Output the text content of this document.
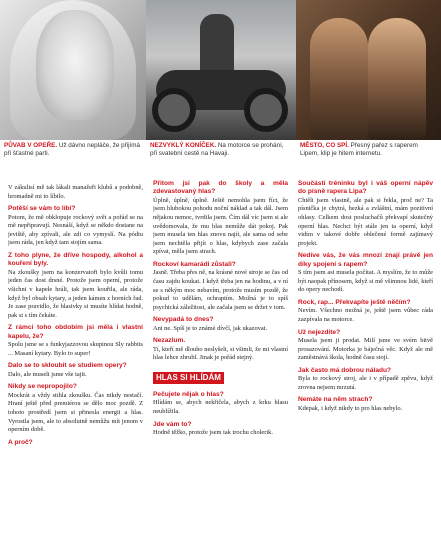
PŮVAB V OPEŘE. Už dávno nepláče, že přijímá při šťastné parti.
NEZVYKLÝ KONÍČEK. Na motorce se prohání, při svatební cestě na Havaji.
MĚSTO, CO SPÍ. Přesný pařez s raperem Lipem, klip je hitem internetu.

V zákulisí mě tak lákali manažeři klubů a podobně, hromadně mi to líbilo.

Potěší se vám to líbí?

Potom, že mě obklopuje rockový svět a pořád se na mě nepřipravují. Nesnáší, když se někdo dostane na jeviště, aby zpívali, ale zdi co vymyslí. Na pódiu jsem ráda, jen když tam stojím sama.

Z toho plyne, že dříve hospody, alkohol a kouření byly.

Na zkoušky jsem na konzervatoři bylo kvůli tomu jeden čas dost drsné. Protože jsem operní, protože všichni v kapele hráli, tak jsem kouřila, ale ráda, když byl obsah kytary, a jeden kámen z horních řad. Je zase pravidlo, že hlasivky si musíte hlídat hodně, pak si s tím čekáte.

Z rámci toho obdobím jsi měla i vlastní kapelu, že?

Spolu jsme se s funkyjazzovou skupinou Sly rabbits ... Masaní kytary. Bylo to super!

Dalo se to skloubit se studiem opery?

Dalo, ale museli jsme vše tajit.

Nikdy se nepropojilo?

Mockrát a vždy stihla zkoušku. Čas nikdy nestačí. Hraní ještě před premiérou se dělo moc pozdě. Z tohoto prostředí jsem si přinesla energii a hlas. Vyrostla jsem, ale to absolutně nemůžu mít jenom v operním době.

A proč?
Přitom jsi pak do školy a měla zdevastovaný hlas?

Úplně, úplně, úplně. Ještě nemohla jsem říct, že jsem hlubokou pohodu noční náklad a tak dál. Jsem nějakou nemoc, tvrdila jsem. Čím dál víc jsem si ale uvědomovala, že mu hlas nemůže dát pokoj. Pak jsem musela ten hlas znovu najít, ale sama od sebe jsem nechtěla přijít o hlas, kdybych zase začala zpívat, měla jsem strach.

Rockoví kamarádi zůstali?

Jasně. Třeba přes ně, na krásné nové stroje se čas od času zajdu koukat. I když třeba jen na hodinu, a v ní se s někým moc nebavím, protože musím pozdě, že pokud to udělám, ochraptím. Možná je to spíš psychická záležitost, ale začala jsem se držet v tom.

Nevypadá to dnes?

Ani ne. Spíš je to známé dívčí, jak ukazovat.

Nezazlum.

Tí, kteří mě dlouho neslyšeli, si všimli, že mi vlastní hlas lehce zhrubl. Jinak je pořád stejný.

HLAS SI HLÍDÁM
Pečujete nějak o hlas?

Hlídám se, abych nekřičela, abych z krku hlasu neublížila.

Jde vám to?

Hodně těžko, protože jsem tak trochu cholerik.

Součástí tréninku byl i váš operní nápěv do písně rapera Lipa?

Chtěli jsem vlastně, ale pak si řekla, proč ne? Ta písnička je chytrá, hezká a zvláštní, mám pozitivní ohlasy. Celkem dost posluchačů překvapí skutečný operní hlas. Nechci být stále jen ta operní, když vidím v takové dobře oblečené formě zajímavý projekt.

Nedíve vás, že vás mnozí znají právě jen díky spojení s rapem?

S tím jsem asi musela počítat. A myslím, že to může být naopak přínosem, když si mě všimnou lidé, kteří do opery nechodí.

Rock, rap... Překvapíte ještě něčím?

Nevím. Všechno možná je, ještě jsem vůbec ráda zazpívala na motorce.

Už nejezdíte?

Musela jsem ji prodat. Milí jsme ve svém bitvě prosazování. Motorka je báječná věc. Když ale mě zaměstnává škola, hodně času stojí.

Jak často má dobrou náladu?

Byla to rockový stroj, ale i v případě zpěvu, když zrovna nejsem mrzutá.

Nemáte na něm strach?

Kdepak, i když nikdy to pro hlas nebylo.
